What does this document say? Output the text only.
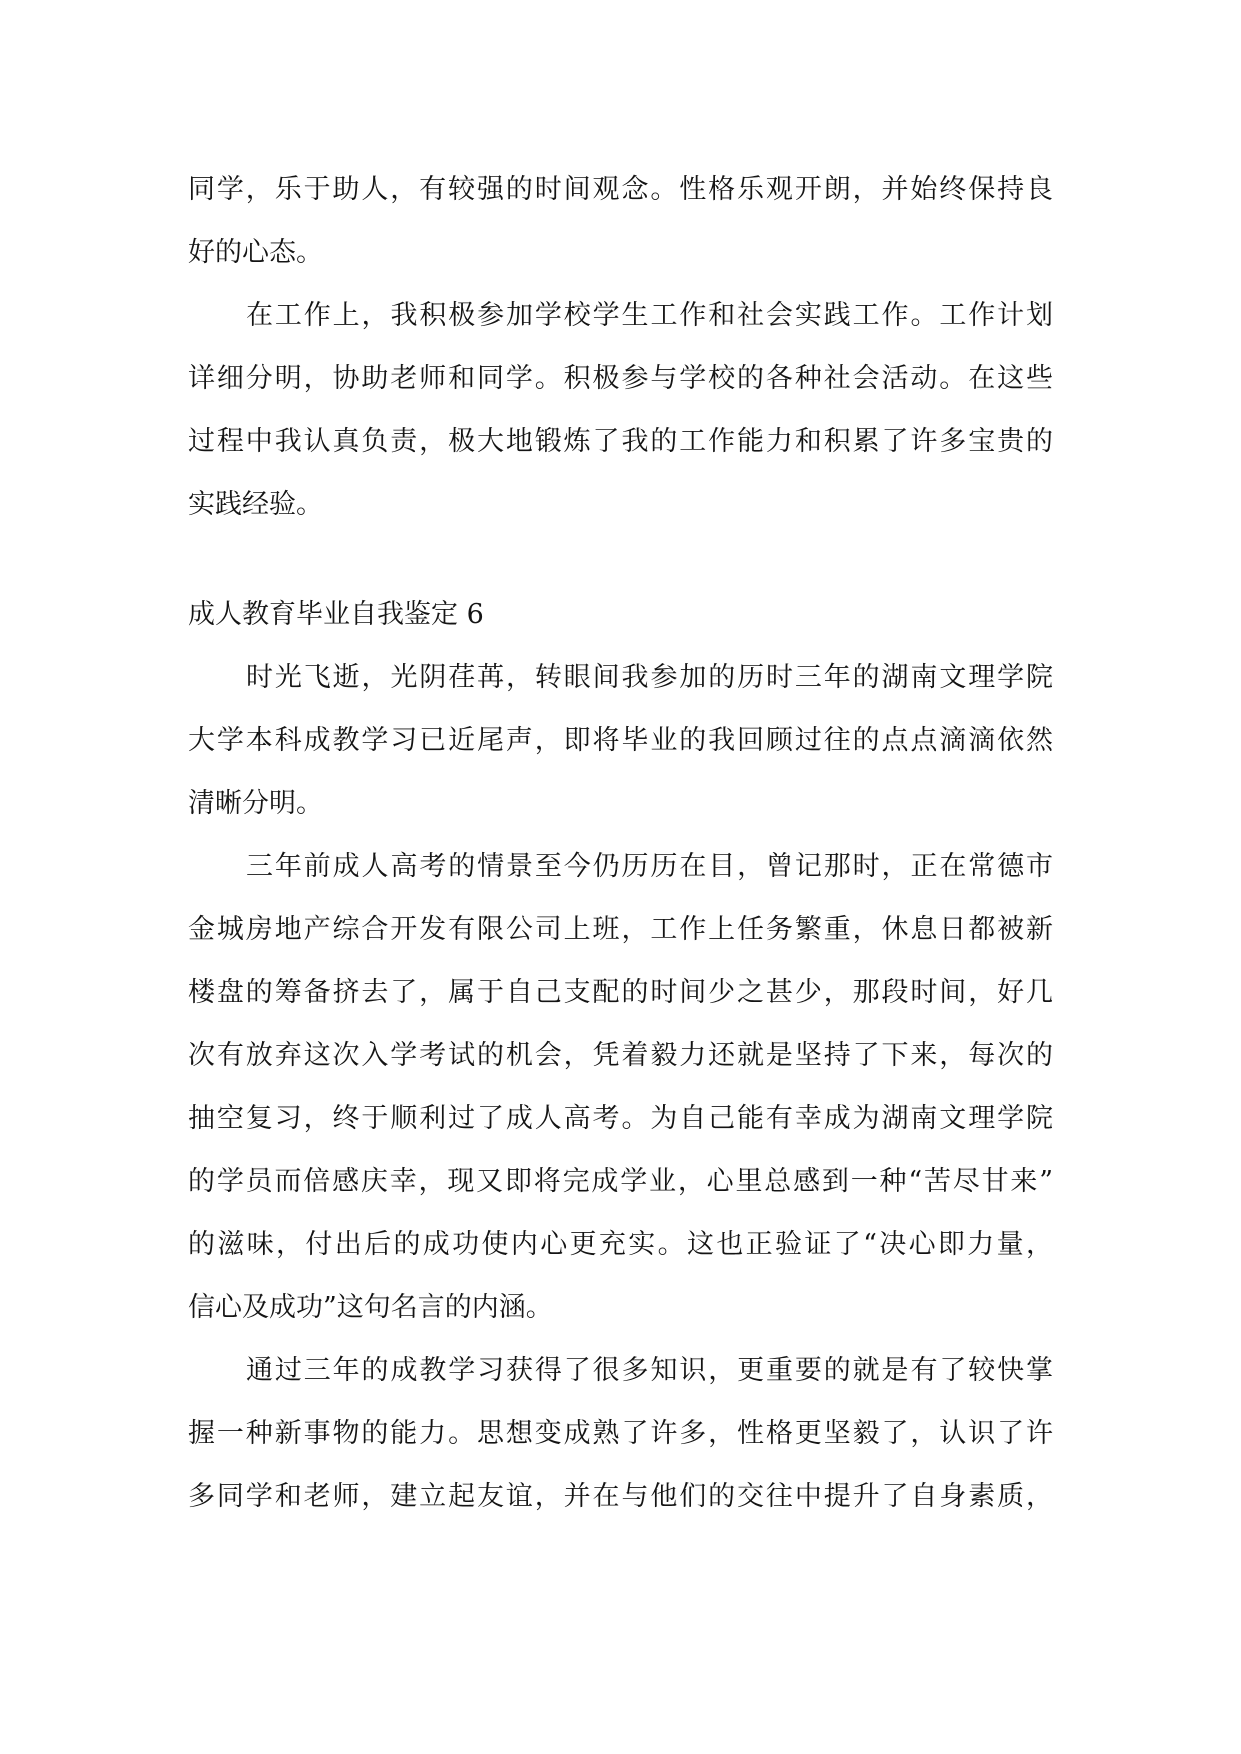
同学，乐于助人，有较强的时间观念。性格乐观开朗，并始终保持良
好的心态。
在工作上，我积极参加学校学生工作和社会实践工作。工作计划
详细分明，协助老师和同学。积极参与学校的各种社会活动。在这些
过程中我认真负责，极大地锻炼了我的工作能力和积累了许多宝贵的
实践经验。
成人教育毕业自我鉴定 6
时光飞逝，光阴荏苒，转眼间我参加的历时三年的湖南文理学院
大学本科成教学习已近尾声，即将毕业的我回顾过往的点点滴滴依然
清晰分明。
三年前成人高考的情景至今仍历历在目，曾记那时，正在常德市
金城房地产综合开发有限公司上班，工作上任务繁重，休息日都被新
楼盘的筹备挤去了，属于自己支配的时间少之甚少，那段时间，好几
次有放弃这次入学考试的机会，凭着毅力还就是坚持了下来，每次的
抽空复习，终于顺利过了成人高考。为自己能有幸成为湖南文理学院
的学员而倍感庆幸，现又即将完成学业，心里总感到一种“苦尽甘来”
的滋味，付出后的成功使内心更充实。这也正验证了“决心即力量，
信心及成功”这句名言的内涵。
通过三年的成教学习获得了很多知识，更重要的就是有了较快掌
握一种新事物的能力。思想变成熟了许多，性格更坚毅了，认识了许
多同学和老师，建立起友谊，并在与他们的交往中提升了自身素质，
